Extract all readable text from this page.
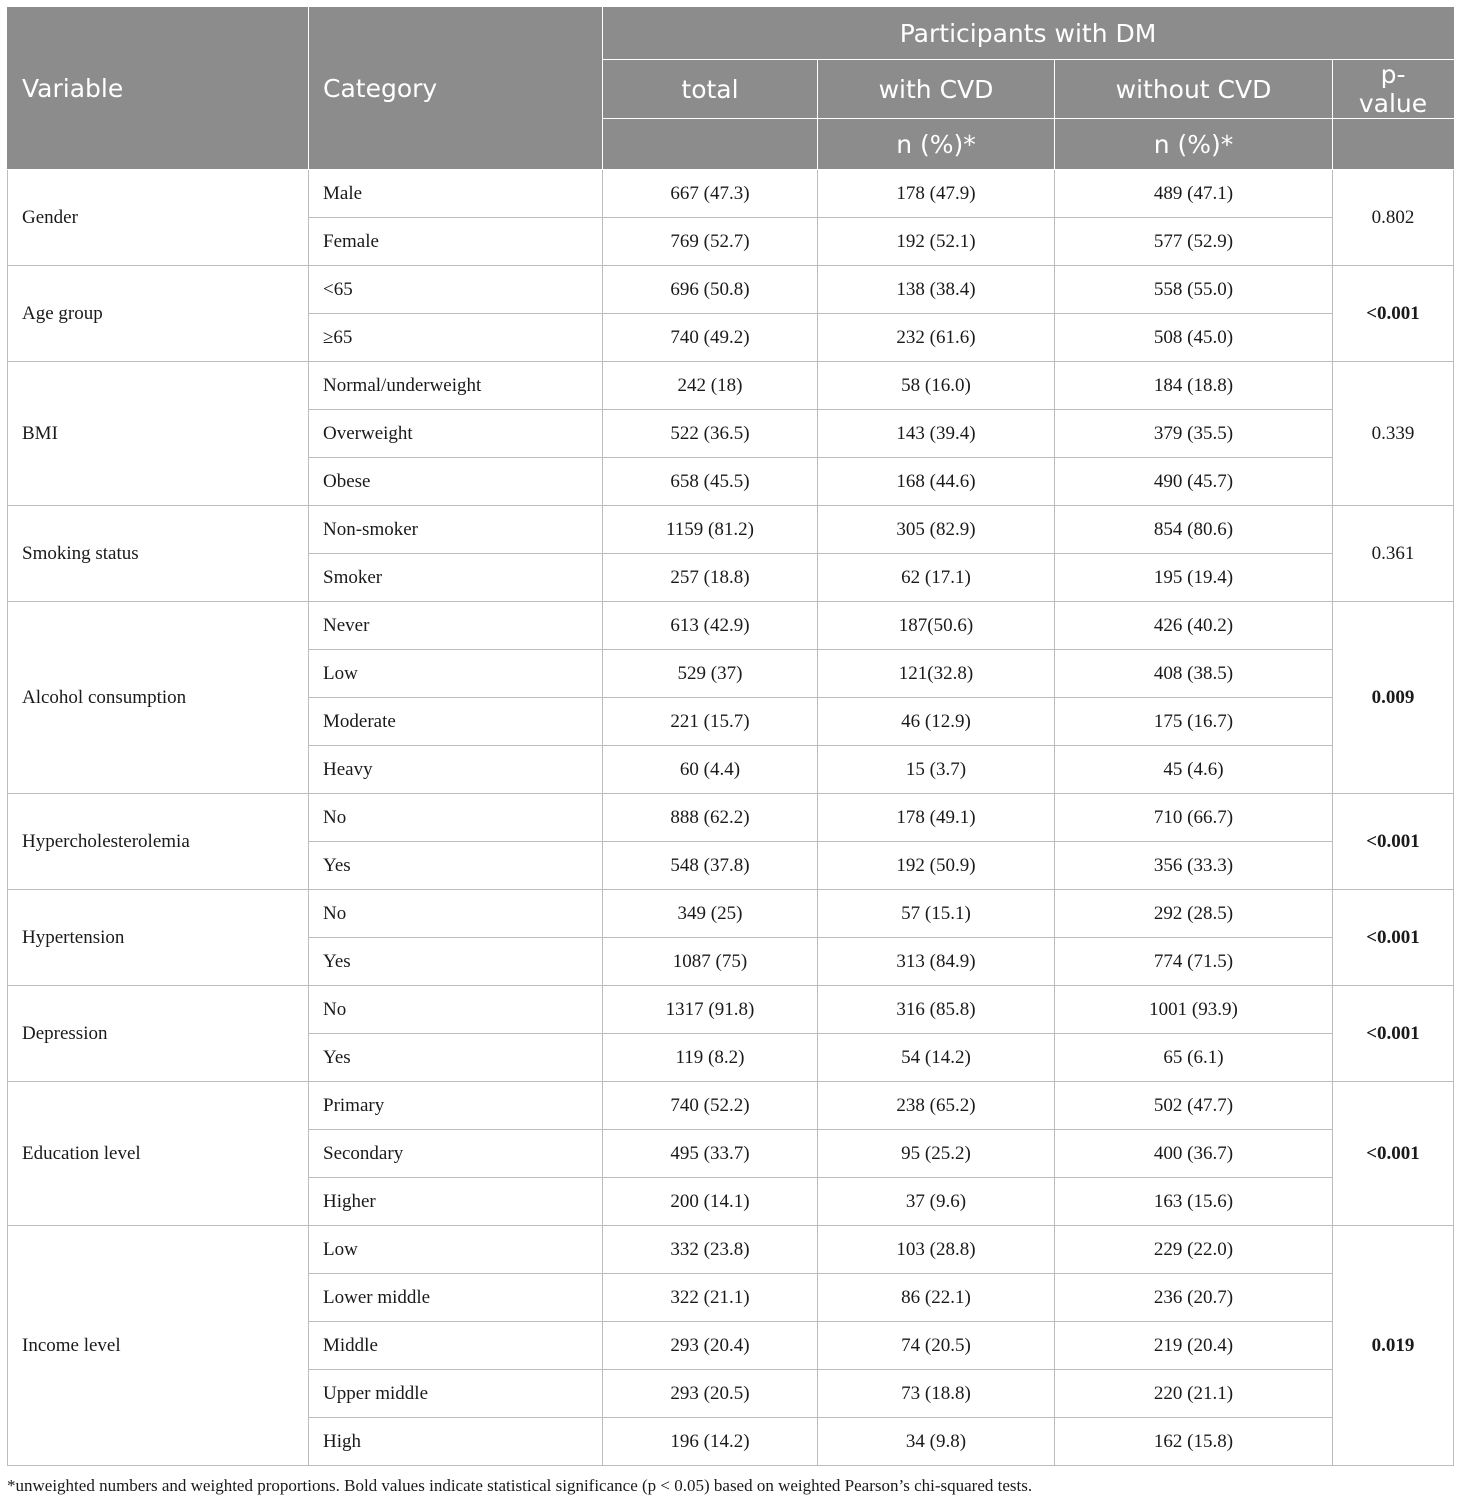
Variable	Category	Participants with DM			
		total	with CVD	without CVD	p-value
			n (%)*	n (%)*	
Gender	Male	667 (47.3)	178 (47.9)	489 (47.1)	0.802
	Female	769 (52.7)	192 (52.1)	577 (52.9)	
Age group	<65	696 (50.8)	138 (38.4)	558 (55.0)	<0.001
	≥65	740 (49.2)	232 (61.6)	508 (45.0)	
BMI	Normal/underweight	242 (18)	58 (16.0)	184 (18.8)	0.339
	Overweight	522 (36.5)	143 (39.4)	379 (35.5)	
	Obese	658 (45.5)	168 (44.6)	490 (45.7)	
Smoking status	Non-smoker	1159 (81.2)	305 (82.9)	854 (80.6)	0.361
	Smoker	257 (18.8)	62 (17.1)	195 (19.4)	
Alcohol consumption	Never	613 (42.9)	187(50.6)	426 (40.2)	0.009
	Low	529 (37)	121(32.8)	408 (38.5)	
	Moderate	221 (15.7)	46 (12.9)	175 (16.7)	
	Heavy	60 (4.4)	15 (3.7)	45 (4.6)	
Hypercholesterolemia	No	888 (62.2)	178 (49.1)	710 (66.7)	<0.001
	Yes	548 (37.8)	192 (50.9)	356 (33.3)	
Hypertension	No	349 (25)	57 (15.1)	292 (28.5)	<0.001
	Yes	1087 (75)	313 (84.9)	774 (71.5)	
Depression	No	1317 (91.8)	316 (85.8)	1001 (93.9)	<0.001
	Yes	119 (8.2)	54 (14.2)	65 (6.1)	
Education level	Primary	740 (52.2)	238 (65.2)	502 (47.7)	<0.001
	Secondary	495 (33.7)	95 (25.2)	400 (36.7)	
	Higher	200 (14.1)	37 (9.6)	163 (15.6)	
Income level	Low	332 (23.8)	103 (28.8)	229 (22.0)	0.019
	Lower middle	322 (21.1)	86 (22.1)	236 (20.7)	
	Middle	293 (20.4)	74 (20.5)	219 (20.4)	
	Upper middle	293 (20.5)	73 (18.8)	220 (21.1)	
	High	196 (14.2)	34 (9.8)	162 (15.8)	
*unweighted numbers and weighted proportions. Bold values indicate statistical significance (p < 0.05) based on weighted Pearson’s chi-squared tests.
